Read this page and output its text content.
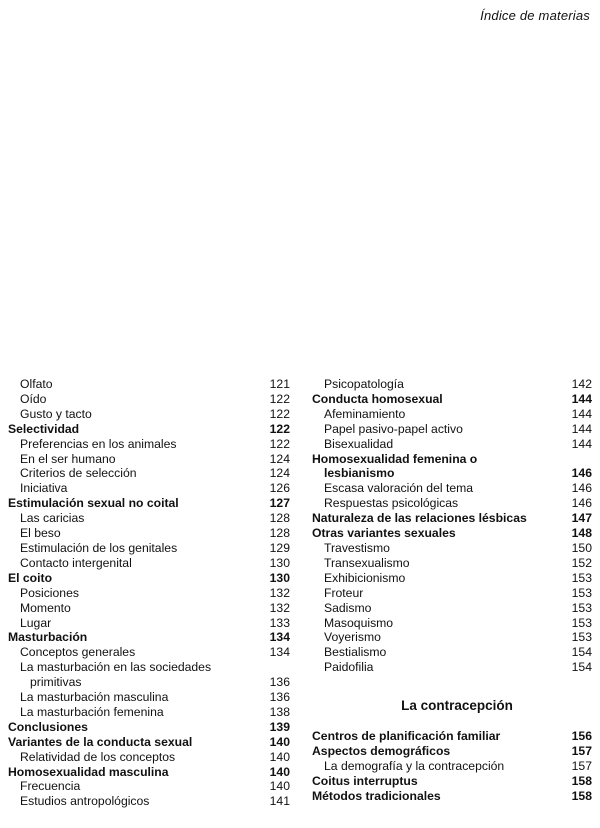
Índice de materias
Olfato	121
Oído	122
Gusto y tacto	122
Selectividad	122
Preferencias en los animales	122
En el ser humano	124
Criterios de selección	124
Iniciativa	126
Estimulación sexual no coital	127
Las caricias	128
El beso	128
Estimulación de los genitales	129
Contacto intergenital	130
El coito	130
Posiciones	132
Momento	132
Lugar	133
Masturbación	134
Conceptos generales	134
La masturbación en las sociedades
primitivas	136
La masturbación masculina	136
La masturbación femenina	138
Conclusiones	139
Variantes de la conducta sexual	140
Relatividad de los conceptos	140
Homosexualidad masculina	140
Frecuencia	140
Estudios antropológicos	141
Psicopatología	142
Conducta homosexual	144
Afeminamiento	144
Papel pasivo-papel activo	144
Bisexualidad	144
Homosexualidad femenina o
lesbianismo	146
Escasa valoración del tema	146
Respuestas psicológicas	146
Naturaleza de las relaciones lésbicas	147
Otras variantes sexuales	148
Travestismo	150
Transexualismo	152
Exhibicionismo	153
Froteur	153
Sadismo	153
Masoquismo	153
Voyerismo	153
Bestialismo	154
Paidofilia	154
La contracepción
Centros de planificación familiar	156
Aspectos demográficos	157
La demografía y la contracepción	157
Coitus interruptus	158
Métodos tradicionales	158
